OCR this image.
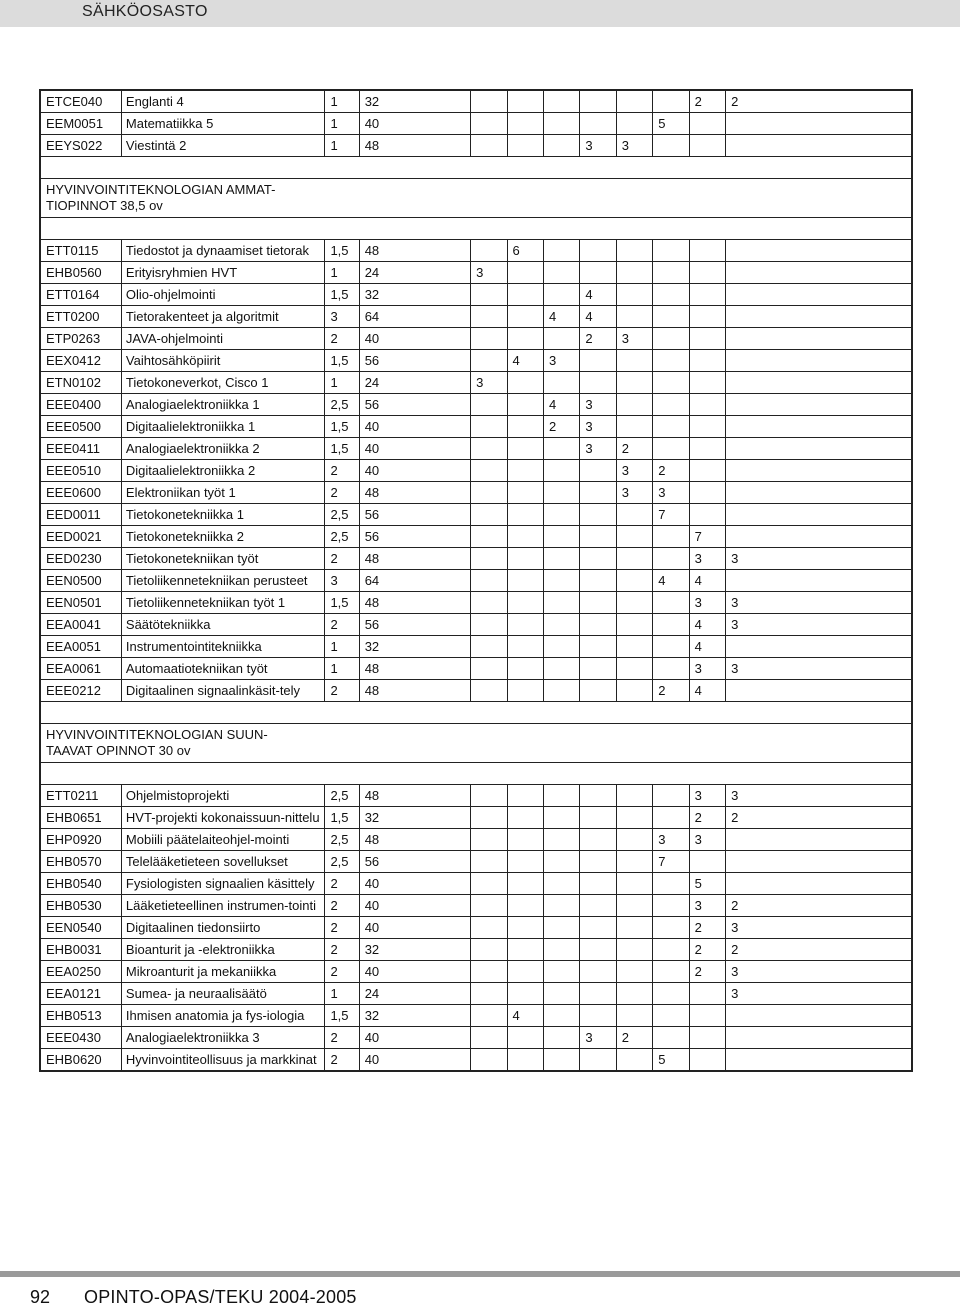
SÄHKÖOSASTO
ETCE040	Englanti 4	1	32							2	2
EEM0051	Matematiikka 5	1	40						5		
EEYS022	Viestintä 2	1	48				3	3			

HYVINVOINTITEKNOLOGIAN AMMAT-TIOPINNOT 38,5 ov											

ETT0115	Tiedostot ja dynaamiset tietorak	1,5	48		6						
EHB0560	Erityisryhmien HVT	1	24	3							
ETT0164	Olio-ohjelmointi	1,5	32				4				
ETT0200	Tietorakenteet ja algoritmit	3	64			4	4				
ETP0263	JAVA-ohjelmointi	2	40				2	3			
EEX0412	Vaihtosähköpiirit	1,5	56		4	3					
ETN0102	Tietokoneverkot, Cisco 1	1	24	3							
EEE0400	Analogiaelektroniikka 1	2,5	56			4	3				
EEE0500	Digitaalielektroniikka 1	1,5	40			2	3				
EEE0411	Analogiaelektroniikka 2	1,5	40				3	2			
EEE0510	Digitaalielektroniikka 2	2	40					3	2		
EEE0600	Elektroniikan työt 1	2	48					3	3		
EED0011	Tietokonetekniikka 1	2,5	56						7		
EED0021	Tietokonetekniikka 2	2,5	56							7	
EED0230	Tietokonetekniikan työt	2	48							3	3
EEN0500	Tietoliikennetekniikan perusteet	3	64						4	4	
EEN0501	Tietoliikennetekniikan työt 1	1,5	48							3	3
EEA0041	Säätötekniikka	2	56							4	3
EEA0051	Instrumentointitekniikka	1	32							4	
EEA0061	Automaatiotekniikan työt	1	48							3	3
EEE0212	Digitaalinen signaalinkäsit-tely	2	48						2	4	

HYVINVOINTITEKNOLOGIAN SUUN-TAAVAT OPINNOT 30 ov											

ETT0211	Ohjelmistoprojekti	2,5	48							3	3
EHB0651	HVT-projekti kokonaissuun-nittelu	1,5	32							2	2
EHP0920	Mobiili päätelaiteohjel-mointi	2,5	48						3	3	
EHB0570	Telelääketieteen sovellukset	2,5	56						7		
EHB0540	Fysiologisten signaalien käsittely	2	40							5	
EHB0530	Lääketieteellinen instrumen-tointi	2	40							3	2
EEN0540	Digitaalinen tiedonsiirto	2	40							2	3
EHB0031	Bioanturit ja -elektroniikka	2	32							2	2
EEA0250	Mikroanturit ja mekaniikka	2	40							2	3
EEA0121	Sumea- ja neuraalisäätö	1	24								3
EHB0513	Ihmisen anatomia ja fys-iologia	1,5	32		4						
EEE0430	Analogiaelektroniikka 3	2	40				3	2			
EHB0620	Hyvinvointiteollisuus ja markkinat	2	40						5		
92 OPINTO-OPAS/TEKU 2004-2005
